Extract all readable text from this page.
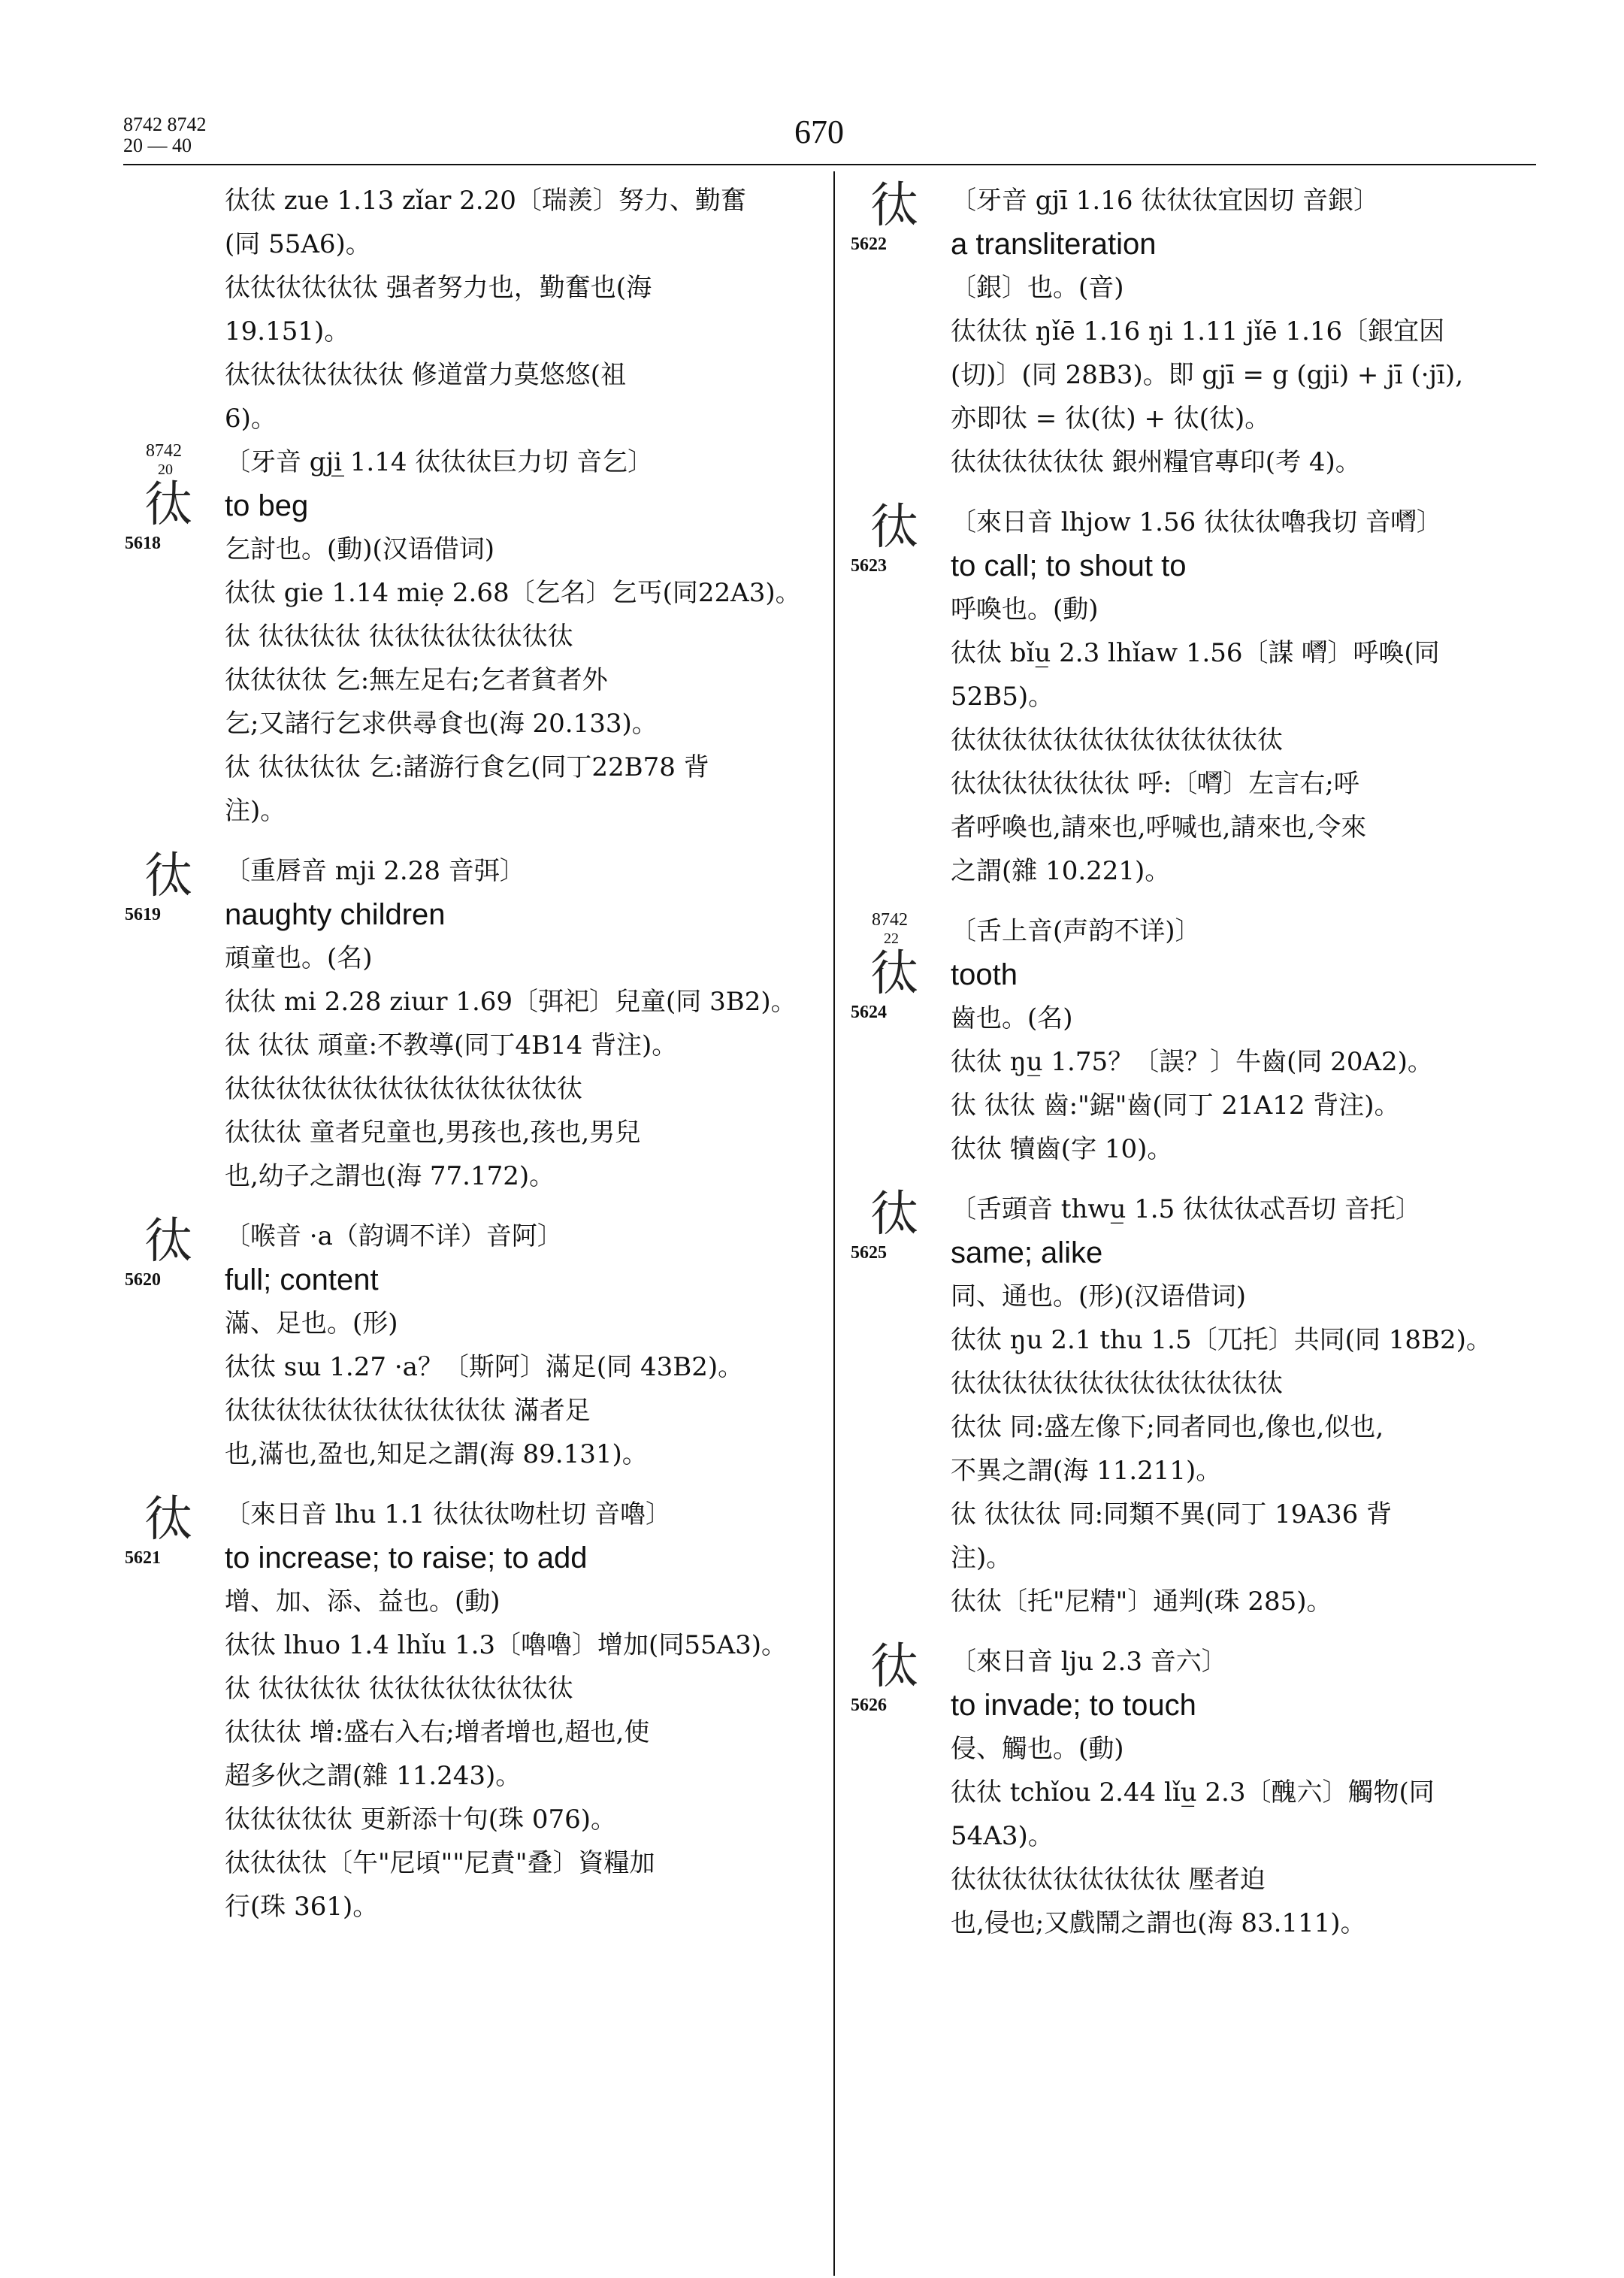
8742 8742
20 — 40	670
㣖㣖 zue 1.13 zǐar 2.20〔瑞羨〕努力、勤奮
(同 55A6)。
㣖㣖㣖㣖㣖㣖 强者努力也，勤奮也(海
19.151)。
㣖㣖㣖㣖㣖㣖㣖 修道當力莫悠悠(祖
6)。
8742
20
㣖
5618
〔牙音 gji̲ 1.14 㣖㣖㣖巨力切 音乞〕
to beg
乞討也。(動)(汉语借词)
㣖㣖 gie 1.14 miẹ 2.68〔乞名〕乞丐(同22A3)。
㣖 㣖㣖㣖㣖 㣖㣖㣖㣖㣖㣖㣖㣖
㣖㣖㣖㣖 乞:無左足右;乞者貧者外
乞;又諸行乞求供尋食也(海 20.133)。
㣖 㣖㣖㣖㣖 乞:諸游行食乞(同丁22B78 背
注)。
㣖
5619
〔重唇音 mji 2.28 音弭〕
naughty children
頑童也。(名)
㣖㣖 mi 2.28 ziɯr 1.69〔弭祀〕兒童(同 3B2)。
㣖 㣖㣖 頑童:不教導(同丁4B14 背注)。
㣖㣖㣖㣖㣖㣖㣖㣖㣖㣖㣖㣖㣖㣖
㣖㣖㣖 童者兒童也,男孩也,孩也,男兒
也,幼子之謂也(海 77.172)。
㣖
5620
〔喉音 ·a（韵调不详）音阿〕
full; content
滿、足也。(形)
㣖㣖 sɯ 1.27 ·a？〔斯阿〕滿足(同 43B2)。
㣖㣖㣖㣖㣖㣖㣖㣖㣖㣖㣖 滿者足
也,滿也,盈也,知足之謂(海 89.131)。
㣖
5621
〔來日音 lhu 1.1 㣖㣖㣖吻杜切 音嚕〕
to increase; to raise; to add
增、加、添、益也。(動)
㣖㣖 lhuo 1.4 lhǐu 1.3〔嚕嚕〕增加(同55A3)。
㣖 㣖㣖㣖㣖 㣖㣖㣖㣖㣖㣖㣖㣖
㣖㣖㣖 增:盛右入右;增者增也,超也,使
超多伙之謂(雜 11.243)。
㣖㣖㣖㣖㣖 更新添十句(珠 076)。
㣖㣖㣖㣖〔午"尼頃""尼責"叠〕資糧加
行(珠 361)。
㣖
5622
〔牙音 gjī 1.16 㣖㣖㣖宜因切 音銀〕
a transliteration
〔銀〕也。(音)
㣖㣖㣖 ŋǐē 1.16 ŋi 1.11 jǐē 1.16〔銀宜因
(切)〕(同 28B3)。即 gjī = g (gji) + jī (·jī),
亦即㣖 = 㣖(㣖) + 㣖(㣖)。
㣖㣖㣖㣖㣖㣖 銀州糧官專印(考 4)。
㣖
5623
〔來日音 lhjow 1.56 㣖㣖㣖嚕我切 音𠿥〕
to call; to shout to
呼喚也。(動)
㣖㣖 bǐu̲ 2.3 lhǐaw 1.56〔謀 𠿥〕呼喚(同
52B5)。
㣖㣖㣖㣖㣖㣖㣖㣖㣖㣖㣖㣖㣖
㣖㣖㣖㣖㣖㣖㣖 呼:〔𠿥〕左言右;呼
者呼喚也,請來也,呼喊也,請來也,令來
之謂(雜 10.221)。
8742
22
㣖
5624
〔舌上音(声韵不详)〕
tooth
齒也。(名)
㣖㣖 ŋu̲ 1.75？〔誤？〕牛齒(同 20A2)。
㣖 㣖㣖 齒:"鋸"齒(同丁 21A12 背注)。
㣖㣖 犢齒(字 10)。
㣖
5625
〔舌頭音 thwu̲ 1.5 㣖㣖㣖忒吾切 音托〕
same; alike
同、通也。(形)(汉语借词)
㣖㣖 ŋu 2.1 thu 1.5〔兀托〕共同(同 18B2)。
㣖㣖㣖㣖㣖㣖㣖㣖㣖㣖㣖㣖㣖
㣖㣖 同:盛左像下;同者同也,像也,似也,
不異之謂(海 11.211)。
㣖 㣖㣖㣖 同:同類不異(同丁 19A36 背
注)。
㣖㣖〔托"尼精"〕通判(珠 285)。
㣖
5626
〔來日音 lju 2.3 音六〕
to invade; to touch
侵、觸也。(動)
㣖㣖 tchǐou 2.44 lǐu̲ 2.3〔醜六〕觸物(同 54A3)。
㣖㣖㣖㣖㣖㣖㣖㣖㣖 壓者迫
也,侵也;又戲鬧之謂也(海 83.111)。
